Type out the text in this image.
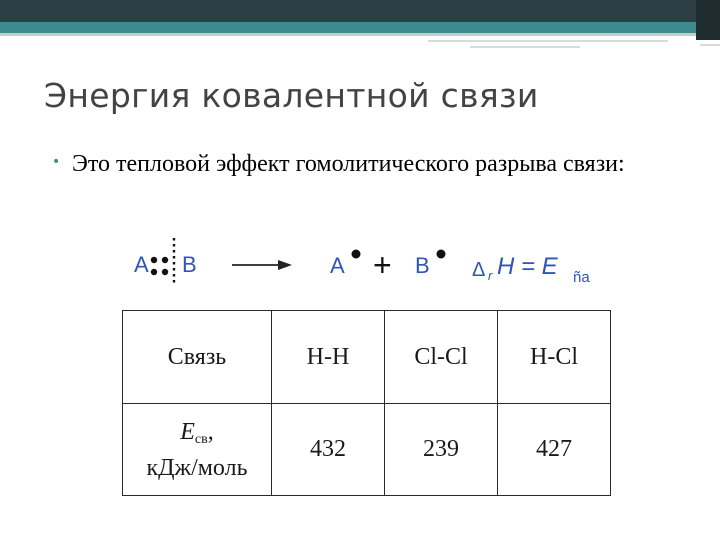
Энергия ковалентной связи
• Это тепловой эффект гомолитического разрыва связи:
A B	A + B Δ r H = E ña
Связь	H-H	Cl-Cl	H-Cl

Eсв,
кДж/моль	432	239	427
